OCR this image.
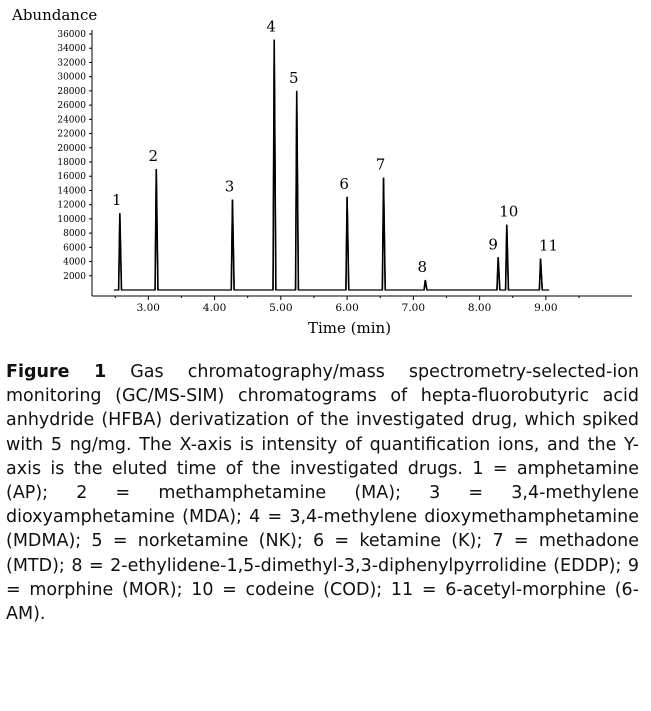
2000
4000
6000
8000
10000
12000
14000
16000
18000
20000
22000
24000
26000
28000
30000
32000
34000
36000
3.00	4.00	5.00	6.00	7.00	8.00	9.00
1
2
3
4
5
6
7
8
9
10
11
Abundance
Time (min)
Figure 1 Gas chromatography/mass spectrometry-selected-ion monitoring (GC/MS-SIM) chromatograms of hepta-fluorobutyric acid anhydride (HFBA) derivatization of the investigated drug, which spiked with 5 ng/mg. The X-axis is intensity of quantification ions, and the Y-axis is the eluted time of the investigated drugs. 1 = amphetamine (AP); 2 = methamphetamine (MA); 3 = 3,4-methylene dioxyamphetamine (MDA); 4 = 3,4-methylene dioxymethamphetamine (MDMA); 5 = norketamine (NK); 6 = ketamine (K); 7 = methadone (MTD); 8 = 2-ethylidene-1,5-dimethyl-3,3-diphenylpyrrolidine (EDDP); 9 = morphine (MOR); 10 = codeine (COD); 11 = 6-acetyl-morphine (6-AM).
